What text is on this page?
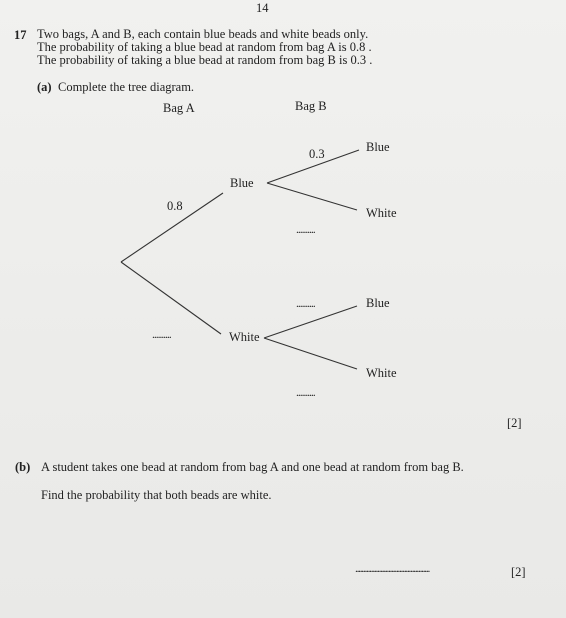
14
17 Two bags, A and B, each contain blue beads and white beads only.
The probability of taking a blue bead at random from bag A is 0.8 .
The probability of taking a blue bead at random from bag B is 0.3 .
(a) Complete the tree diagram.
Bag A	Bag B
0.8
..........
0.3
..........
..........
..........
Blue
White
Blue
White
Blue
White
[2]
(b) A student takes one bead at random from bag A and one bead at random from bag B.
Find the probability that both beads are white.
...............................................	[2]
